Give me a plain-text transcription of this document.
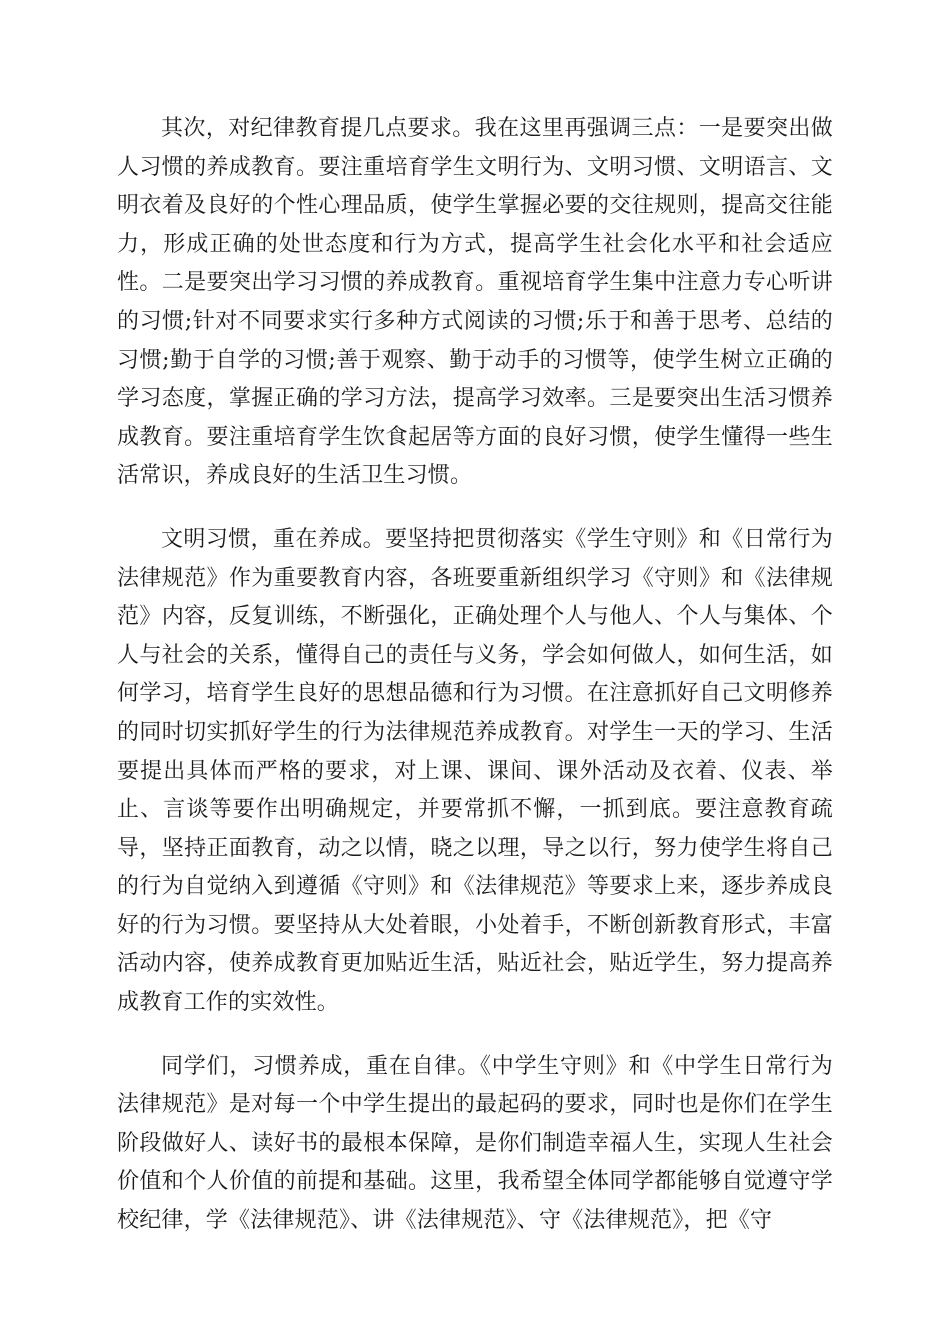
其次，对纪律教育提几点要求。我在这里再强调三点：一是要突出做人习惯的养成教育。要注重培育学生文明行为、文明习惯、文明语言、文明衣着及良好的个性心理品质，使学生掌握必要的交往规则，提高交往能力，形成正确的处世态度和行为方式，提高学生社会化水平和社会适应性。二是要突出学习习惯的养成教育。重视培育学生集中注意力专心听讲的习惯;针对不同要求实行多种方式阅读的习惯;乐于和善于思考、总结的习惯;勤于自学的习惯;善于观察、勤于动手的习惯等，使学生树立正确的学习态度，掌握正确的学习方法，提高学习效率。三是要突出生活习惯养成教育。要注重培育学生饮食起居等方面的良好习惯，使学生懂得一些生活常识，养成良好的生活卫生习惯。

文明习惯，重在养成。要坚持把贯彻落实《学生守则》和《日常行为法律规范》作为重要教育内容，各班要重新组织学习《守则》和《法律规范》内容，反复训练，不断强化，正确处理个人与他人、个人与集体、个人与社会的关系，懂得自己的责任与义务，学会如何做人，如何生活，如何学习，培育学生良好的思想品德和行为习惯。在注意抓好自己文明修养的同时切实抓好学生的行为法律规范养成教育。对学生一天的学习、生活要提出具体而严格的要求，对上课、课间、课外活动及衣着、仪表、举止、言谈等要作出明确规定，并要常抓不懈，一抓到底。要注意教育疏导，坚持正面教育，动之以情，晓之以理，导之以行，努力使学生将自己的行为自觉纳入到遵循《守则》和《法律规范》等要求上来，逐步养成良好的行为习惯。要坚持从大处着眼，小处着手，不断创新教育形式，丰富活动内容，使养成教育更加贴近生活，贴近社会，贴近学生，努力提高养成教育工作的实效性。

同学们，习惯养成，重在自律。《中学生守则》和《中学生日常行为法律规范》是对每一个中学生提出的最起码的要求，同时也是你们在学生阶段做好人、读好书的最根本保障，是你们制造幸福人生，实现人生社会价值和个人价值的前提和基础。这里，我希望全体同学都能够自觉遵守学校纪律，学《法律规范》、讲《法律规范》、守《法律规范》，把《守
